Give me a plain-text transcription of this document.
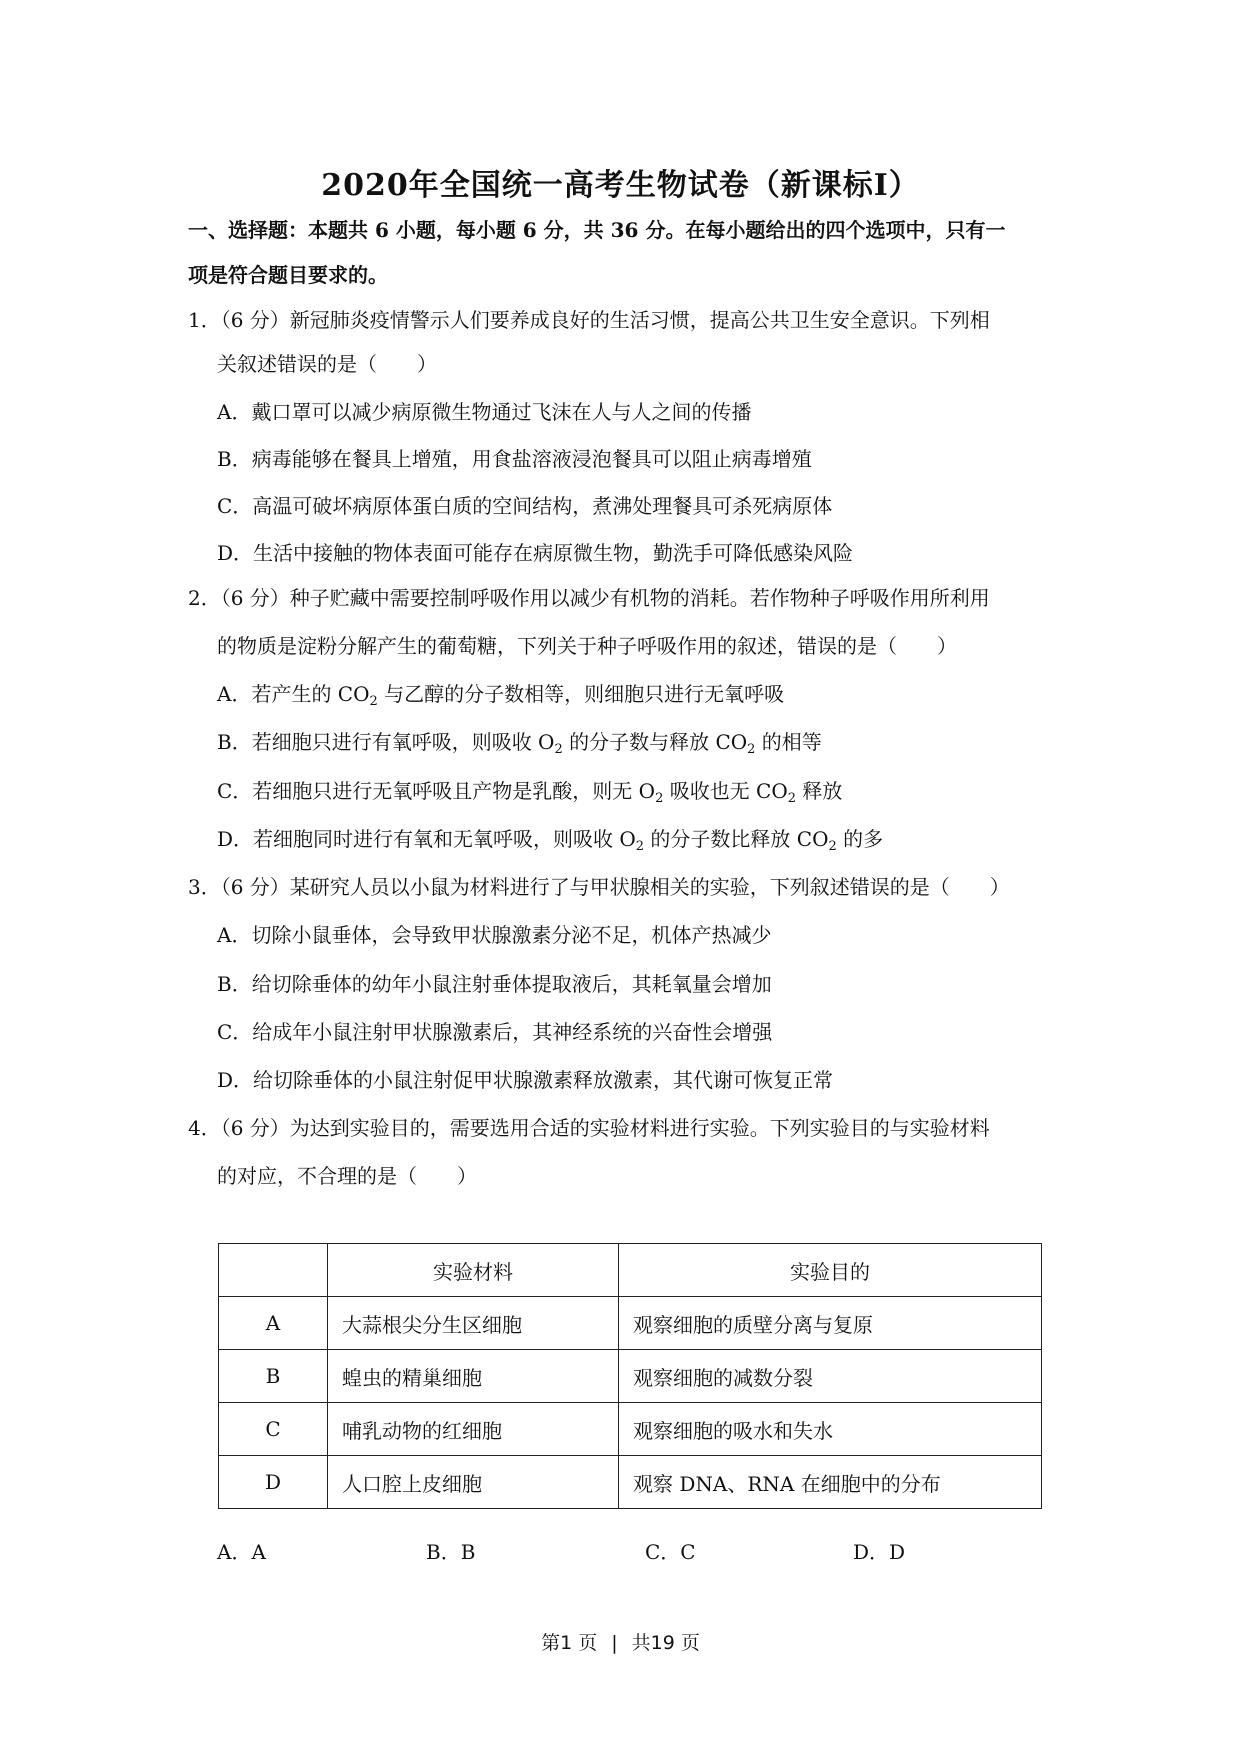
2020年全国统一高考生物试卷（新课标Ⅰ）
一、选择题：本题共 6 小题，每小题 6 分，共 36 分。在每小题给出的四个选项中，只有一
项是符合题目要求的。
1．（6 分）新冠肺炎疫情警示人们要养成良好的生活习惯，提高公共卫生安全意识。下列相
关叙述错误的是（　　）
A．戴口罩可以减少病原微生物通过飞沫在人与人之间的传播
B．病毒能够在餐具上增殖，用食盐溶液浸泡餐具可以阻止病毒增殖
C．高温可破坏病原体蛋白质的空间结构，煮沸处理餐具可杀死病原体
D．生活中接触的物体表面可能存在病原微生物，勤洗手可降低感染风险
2．（6 分）种子贮藏中需要控制呼吸作用以减少有机物的消耗。若作物种子呼吸作用所利用
的物质是淀粉分解产生的葡萄糖，下列关于种子呼吸作用的叙述，错误的是（　　）
A．若产生的 $CO_2$ 与乙醇的分子数相等，则细胞只进行无氧呼吸
B．若细胞只进行有氧呼吸，则吸收 $O_2$ 的分子数与释放 $CO_2$ 的相等
C．若细胞只进行无氧呼吸且产物是乳酸，则无 $O_2$ 吸收也无 $CO_2$ 释放
D．若细胞同时进行有氧和无氧呼吸，则吸收 $O_2$ 的分子数比释放 $CO_2$ 的多
3．（6 分）某研究人员以小鼠为材料进行了与甲状腺相关的实验，下列叙述错误的是（　　）
A．切除小鼠垂体，会导致甲状腺激素分泌不足，机体产热减少
B．给切除垂体的幼年小鼠注射垂体提取液后，其耗氧量会增加
C．给成年小鼠注射甲状腺激素后，其神经系统的兴奋性会增强
D．给切除垂体的小鼠注射促甲状腺激素释放激素，其代谢可恢复正常
4．（6 分）为达到实验目的，需要选用合适的实验材料进行实验。下列实验目的与实验材料
的对应，不合理的是（　　）
	实验材料	实验目的
A	大蒜根尖分生区细胞	观察细胞的质壁分离与复原
B	蝗虫的精巢细胞	观察细胞的减数分裂
C	哺乳动物的红细胞	观察细胞的吸水和失水
D	人口腔上皮细胞	观察 DNA、RNA 在细胞中的分布
A．A	B．B	C．C	D．D
第1 页 | 共19 页
